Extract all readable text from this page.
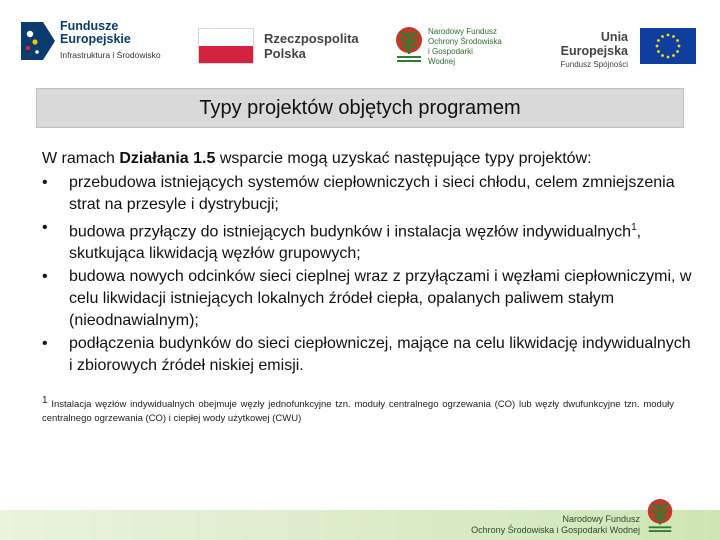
Fundusze
Europejskie
Infrastruktura i Środowisko
Rzeczpospolita
Polska
Narodowy Fundusz
Ochrony Środowiska
i Gospodarki Wodnej
Unia Europejska
Fundusz Spójności
Typy projektów objętych programem

W ramach Działania 1.5 wsparcie mogą uzyskać następujące typy projektów:

• przebudowa istniejących systemów ciepłowniczych i sieci chłodu, celem zmniejszenia strat na przesyle i dystrybucji;
• budowa przyłączy do istniejących budynków i instalacja węzłów indywidualnych$^1$, skutkująca likwidacją węzłów grupowych;
• budowa nowych odcinków sieci cieplnej wraz z przyłączami i węzłami ciepłowniczymi, w celu likwidacji istniejących lokalnych źródeł ciepła, opalanych paliwem stałym (nieodnawialnym);
• podłączenia budynków do sieci ciepłowniczej, mające na celu likwidację indywidualnych i zbiorowych źródeł niskiej emisji.
$^1$ Instalacja węzłów indywidualnych obejmuje węzły jednofunkcyjne tzn. moduły centralnego ogrzewania (CO) lub węzły dwufunkcyjne tzn. moduły centralnego ogrzewania (CO) i ciepłej wody użytkowej (CWU)
Narodowy Fundusz
Ochrony Środowiska i Gospodarki Wodnej
